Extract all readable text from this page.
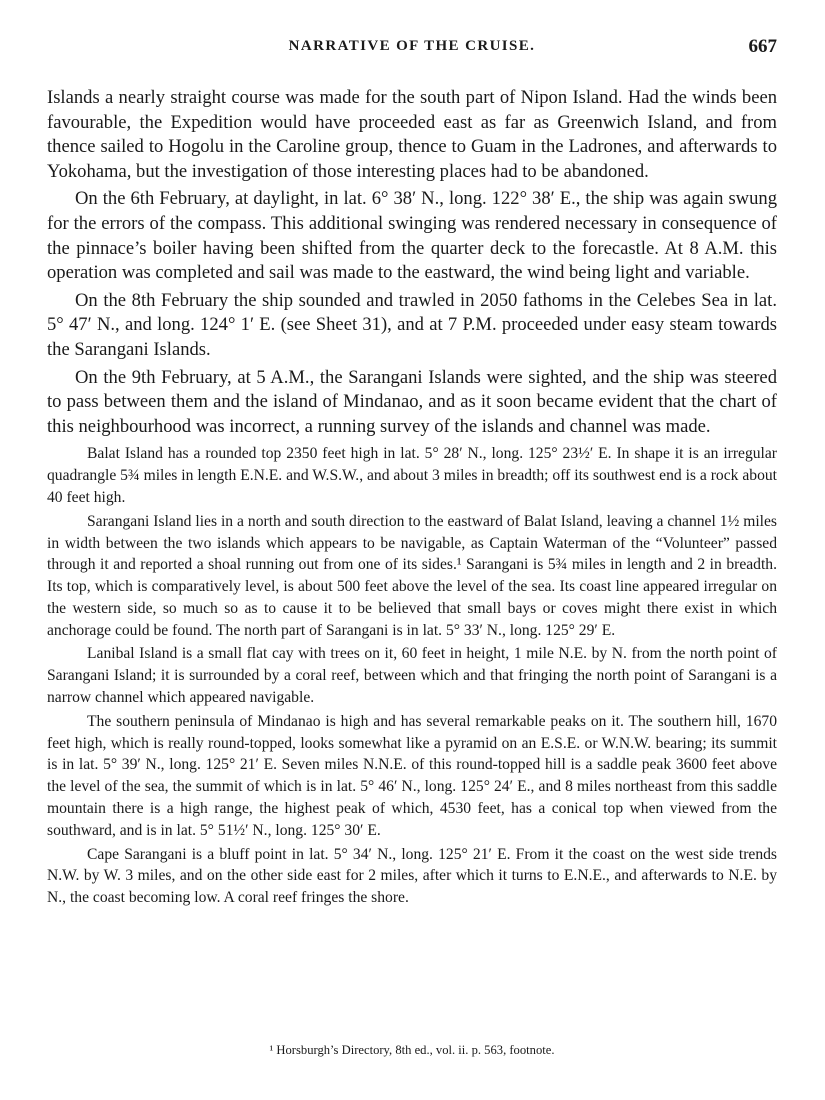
NARRATIVE OF THE CRUISE.	667

Islands a nearly straight course was made for the south part of Nipon Island. Had the winds been favourable, the Expedition would have proceeded east as far as Greenwich Island, and from thence sailed to Hogolu in the Caroline group, thence to Guam in the Ladrones, and afterwards to Yokohama, but the investigation of those interesting places had to be abandoned.

On the 6th February, at daylight, in lat. 6° 38′ N., long. 122° 38′ E., the ship was again swung for the errors of the compass. This additional swinging was rendered necessary in consequence of the pinnace’s boiler having been shifted from the quarter deck to the forecastle. At 8 A.M. this operation was completed and sail was made to the eastward, the wind being light and variable.

On the 8th February the ship sounded and trawled in 2050 fathoms in the Celebes Sea in lat. 5° 47′ N., and long. 124° 1′ E. (see Sheet 31), and at 7 P.M. proceeded under easy steam towards the Sarangani Islands.

On the 9th February, at 5 A.M., the Sarangani Islands were sighted, and the ship was steered to pass between them and the island of Mindanao, and as it soon became evident that the chart of this neighbourhood was incorrect, a running survey of the islands and channel was made.

Balat Island has a rounded top 2350 feet high in lat. 5° 28′ N., long. 125° 23½′ E. In shape it is an irregular quadrangle 5¾ miles in length E.N.E. and W.S.W., and about 3 miles in breadth; off its southwest end is a rock about 40 feet high.

Sarangani Island lies in a north and south direction to the eastward of Balat Island, leaving a channel 1½ miles in width between the two islands which appears to be navigable, as Captain Waterman of the “Volunteer” passed through it and reported a shoal running out from one of its sides.¹ Sarangani is 5¾ miles in length and 2 in breadth. Its top, which is comparatively level, is about 500 feet above the level of the sea. Its coast line appeared irregular on the western side, so much so as to cause it to be believed that small bays or coves might there exist in which anchorage could be found. The north part of Sarangani is in lat. 5° 33′ N., long. 125° 29′ E.

Lanibal Island is a small flat cay with trees on it, 60 feet in height, 1 mile N.E. by N. from the north point of Sarangani Island; it is surrounded by a coral reef, between which and that fringing the north point of Sarangani is a narrow channel which appeared navigable.

The southern peninsula of Mindanao is high and has several remarkable peaks on it. The southern hill, 1670 feet high, which is really round-topped, looks somewhat like a pyramid on an E.S.E. or W.N.W. bearing; its summit is in lat. 5° 39′ N., long. 125° 21′ E. Seven miles N.N.E. of this round-topped hill is a saddle peak 3600 feet above the level of the sea, the summit of which is in lat. 5° 46′ N., long. 125° 24′ E., and 8 miles northeast from this saddle mountain there is a high range, the highest peak of which, 4530 feet, has a conical top when viewed from the southward, and is in lat. 5° 51½′ N., long. 125° 30′ E.

Cape Sarangani is a bluff point in lat. 5° 34′ N., long. 125° 21′ E. From it the coast on the west side trends N.W. by W. 3 miles, and on the other side east for 2 miles, after which it turns to E.N.E., and afterwards to N.E. by N., the coast becoming low. A coral reef fringes the shore.

¹ Horsburgh’s Directory, 8th ed., vol. ii. p. 563, footnote.
